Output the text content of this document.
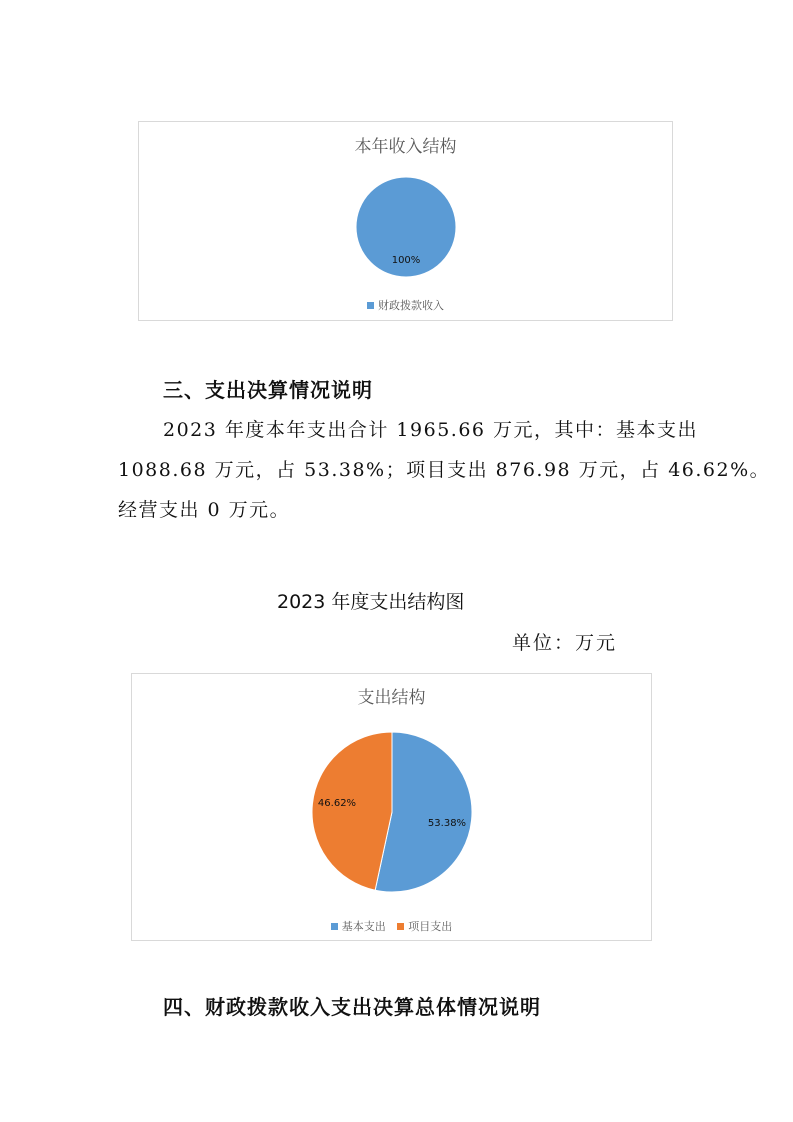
本年收入结构
100%
财政拨款收入
三、支出决算情况说明

2023 年度本年支出合计 1965.66 万元，其中：基本支出

1088.68 万元，占 53.38%；项目支出 876.98 万元，占 46.62%。

经营支出 0 万元。

2023 年度支出结构图
单位：万元
支出结构
53.38%
46.62%
基本支出
项目支出
四、财政拨款收入支出决算总体情况说明
